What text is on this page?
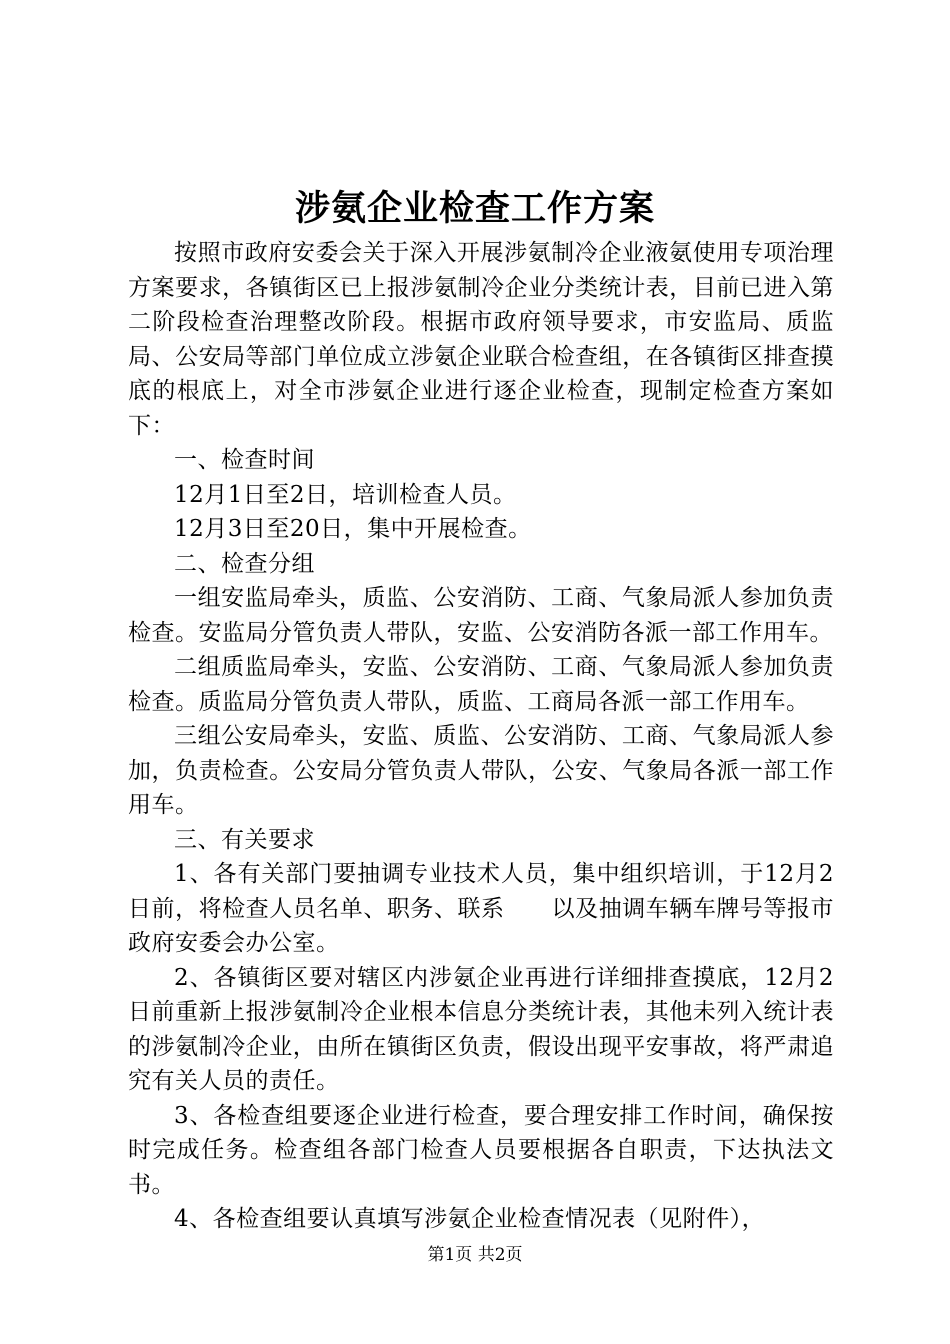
涉氨企业检查工作方案

按照市政府安委会关于深入开展涉氨制冷企业液氨使用专项治理方案要求，各镇街区已上报涉氨制冷企业分类统计表，目前已进入第二阶段检查治理整改阶段。根据市政府领导要求，市安监局、质监局、公安局等部门单位成立涉氨企业联合检查组，在各镇街区排查摸底的根底上，对全市涉氨企业进行逐企业检查，现制定检查方案如下：

一、检查时间

12月1日至2日，培训检查人员。

12月3日至20日，集中开展检查。

二、检查分组

一组安监局牵头，质监、公安消防、工商、气象局派人参加负责检查。安监局分管负责人带队，安监、公安消防各派一部工作用车。

二组质监局牵头，安监、公安消防、工商、气象局派人参加负责检查。质监局分管负责人带队，质监、工商局各派一部工作用车。

三组公安局牵头，安监、质监、公安消防、工商、气象局派人参加，负责检查。公安局分管负责人带队，公安、气象局各派一部工作用车。

三、有关要求

1、各有关部门要抽调专业技术人员，集中组织培训，于12月2日前，将检查人员名单、职务、联系　　以及抽调车辆车牌号等报市政府安委会办公室。

2、各镇街区要对辖区内涉氨企业再进行详细排查摸底，12月2日前重新上报涉氨制冷企业根本信息分类统计表，其他未列入统计表的涉氨制冷企业，由所在镇街区负责，假设出现平安事故，将严肃追究有关人员的责任。

3、各检查组要逐企业进行检查，要合理安排工作时间，确保按时完成任务。检查组各部门检查人员要根据各自职责，下达执法文书。

4、各检查组要认真填写涉氨企业检查情况表（见附件），

第1页 共2页
